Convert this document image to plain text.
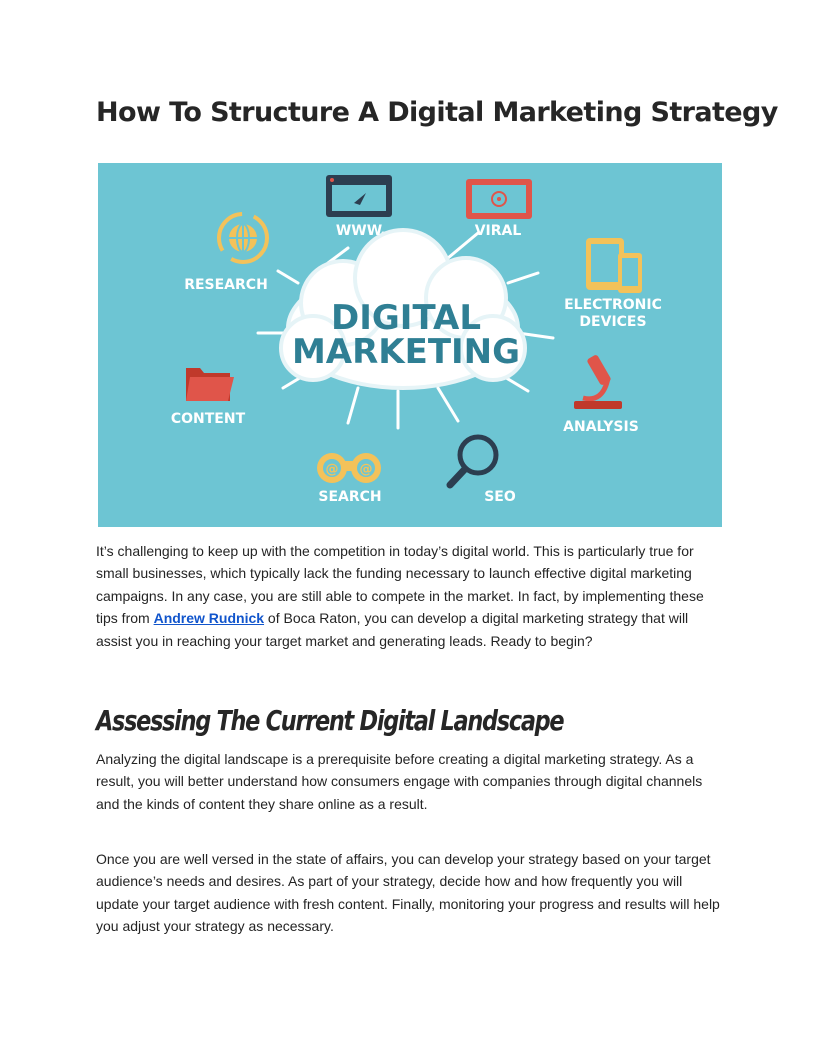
How To Structure A Digital Marketing Strategy
DIGITAL
MARKETING
WWW	VIRAL
RESEARCH
ELECTRONIC
DEVICES
CONTENT	ANALYSIS
@ @
SEARCH	SEO

It’s challenging to keep up with the competition in today’s digital world. This is particularly true for small businesses, which typically lack the funding necessary to launch effective digital marketing campaigns. In any case, you are still able to compete in the market. In fact, by implementing these tips from Andrew Rudnick of Boca Raton, you can develop a digital marketing strategy that will assist you in reaching your target market and generating leads. Ready to begin?

Assessing The Current Digital Landscape

Analyzing the digital landscape is a prerequisite before creating a digital marketing strategy. As a result, you will better understand how consumers engage with companies through digital channels and the kinds of content they share online as a result.

Once you are well versed in the state of affairs, you can develop your strategy based on your target audience’s needs and desires. As part of your strategy, decide how and how frequently you will update your target audience with fresh content. Finally, monitoring your progress and results will help you adjust your strategy as necessary.
